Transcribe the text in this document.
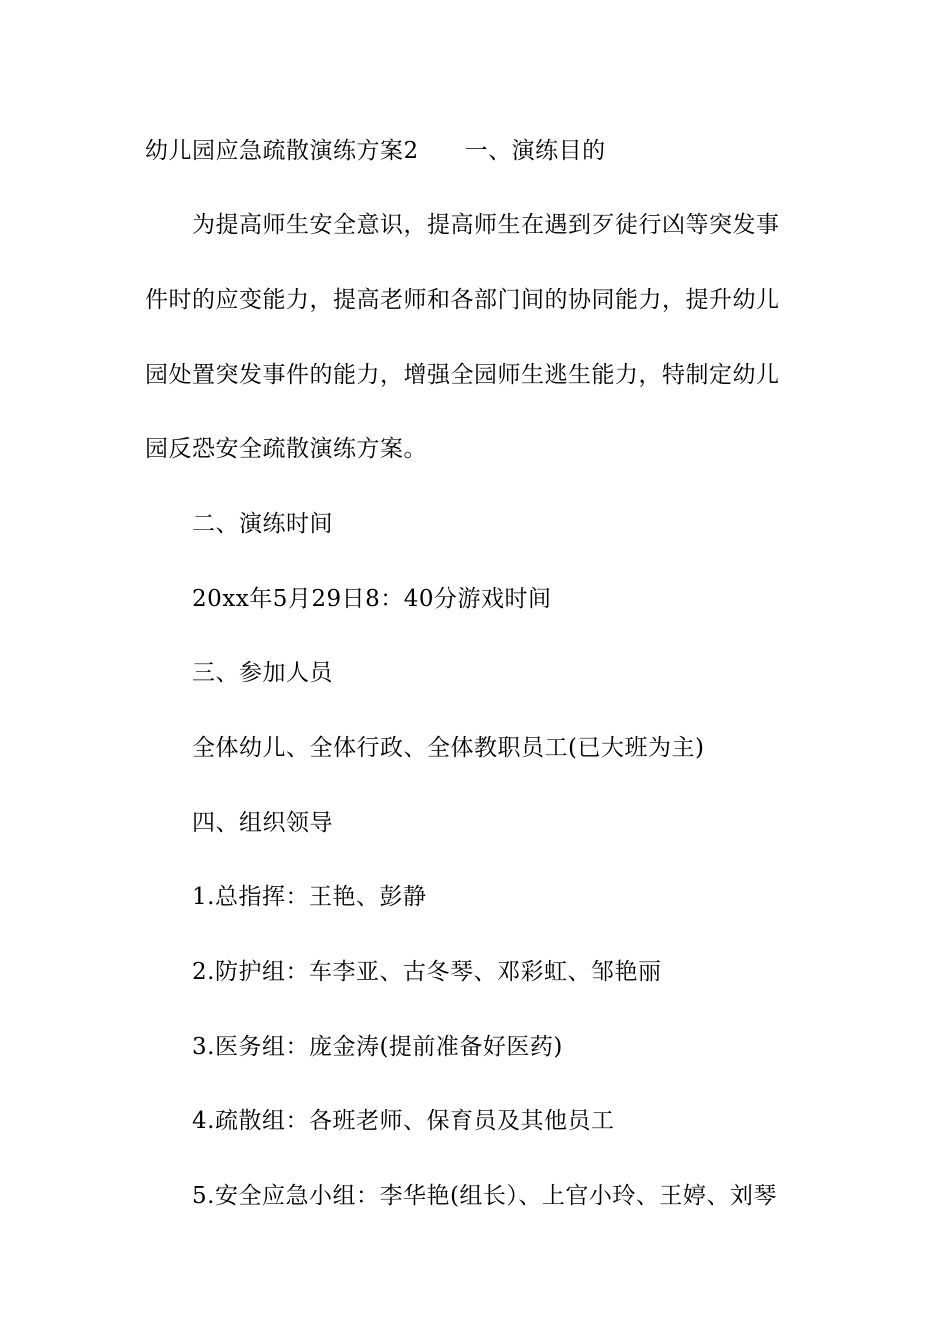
幼儿园应急疏散演练方案2 一、演练目的
为提高师生安全意识，提高师生在遇到歹徒行凶等突发事
件时的应变能力，提高老师和各部门间的协同能力，提升幼儿
园处置突发事件的能力，增强全园师生逃生能力，特制定幼儿
园反恐安全疏散演练方案。
二、演练时间
20xx年5月29日8：40分游戏时间
三、参加人员
全体幼儿、全体行政、全体教职员工(已大班为主)
四、组织领导
1.总指挥：王艳、彭静
2.防护组：车李亚、古冬琴、邓彩虹、邹艳丽
3.医务组：庞金涛(提前准备好医药)
4.疏散组：各班老师、保育员及其他员工
5.安全应急小组：李华艳(组长）、上官小玲、王婷、刘琴
